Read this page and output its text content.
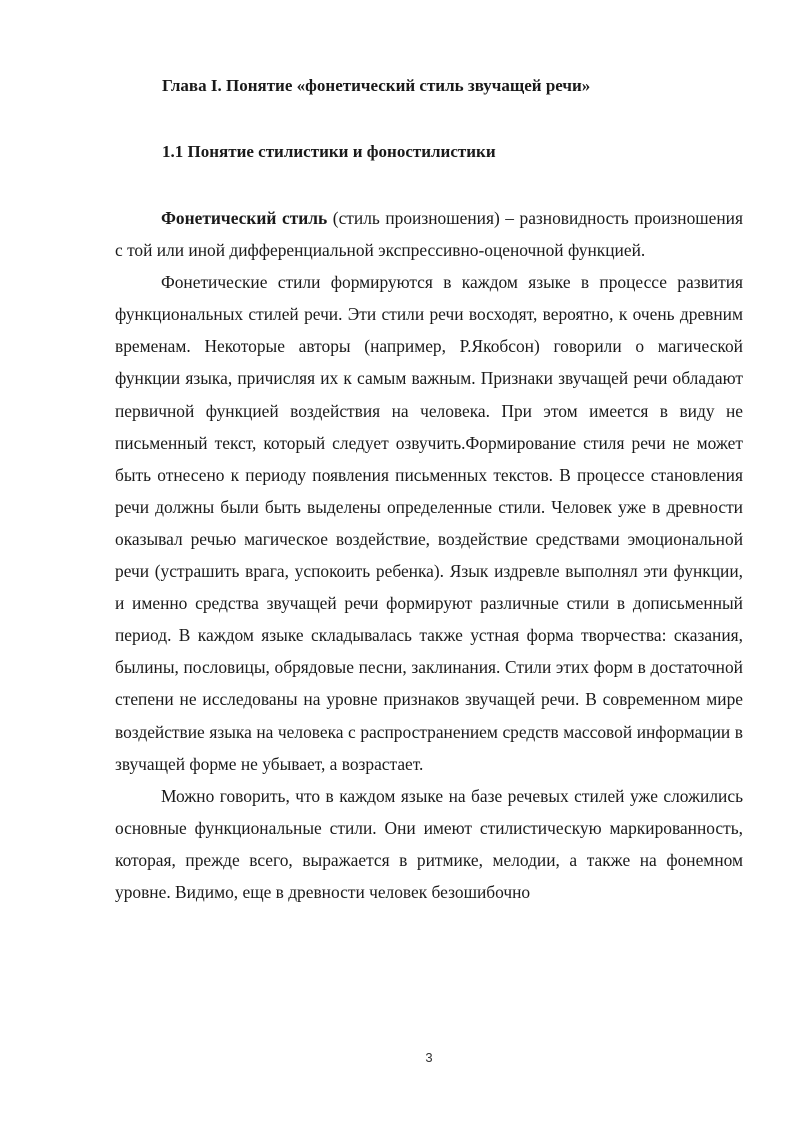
Глава I. Понятие «фонетический стиль звучащей речи»
1.1 Понятие стилистики и фоностилистики

Фонетический стиль (стиль произношения) – разновидность произношения с той или иной дифференциальной экспрессивно-оценочной функцией.

Фонетические стили формируются в каждом языке в процессе развития функциональных стилей речи. Эти стили речи восходят, вероятно, к очень древним временам. Некоторые авторы (например, Р.Якобсон) говорили о магической функции языка, причисляя их к самым важным. Признаки звучащей речи обладают первичной функцией воздействия на человека. При этом имеется в виду не письменный текст, который следует озвучить.Формирование стиля речи не может быть отнесено к периоду появления письменных текстов. В процессе становления речи должны были быть выделены определенные стили. Человек уже в древности оказывал речью магическое воздействие, воздействие средствами эмоциональной речи (устрашить врага, успокоить ребенка). Язык издревле выполнял эти функции, и именно средства звучащей речи формируют различные стили в дописьменный период. В каждом языке складывалась также устная форма творчества: сказания, былины, пословицы, обрядовые песни, заклинания. Стили этих форм в достаточной степени не исследованы на уровне признаков звучащей речи. В современном мире воздействие языка на человека с распространением средств массовой информации в звучащей форме не убывает, а возрастает.

Можно говорить, что в каждом языке на базе речевых стилей уже сложились основные функциональные стили. Они имеют стилистическую маркированность, которая, прежде всего, выражается в ритмике, мелодии, а также на фонемном уровне. Видимо, еще в древности человек безошибочно

3
